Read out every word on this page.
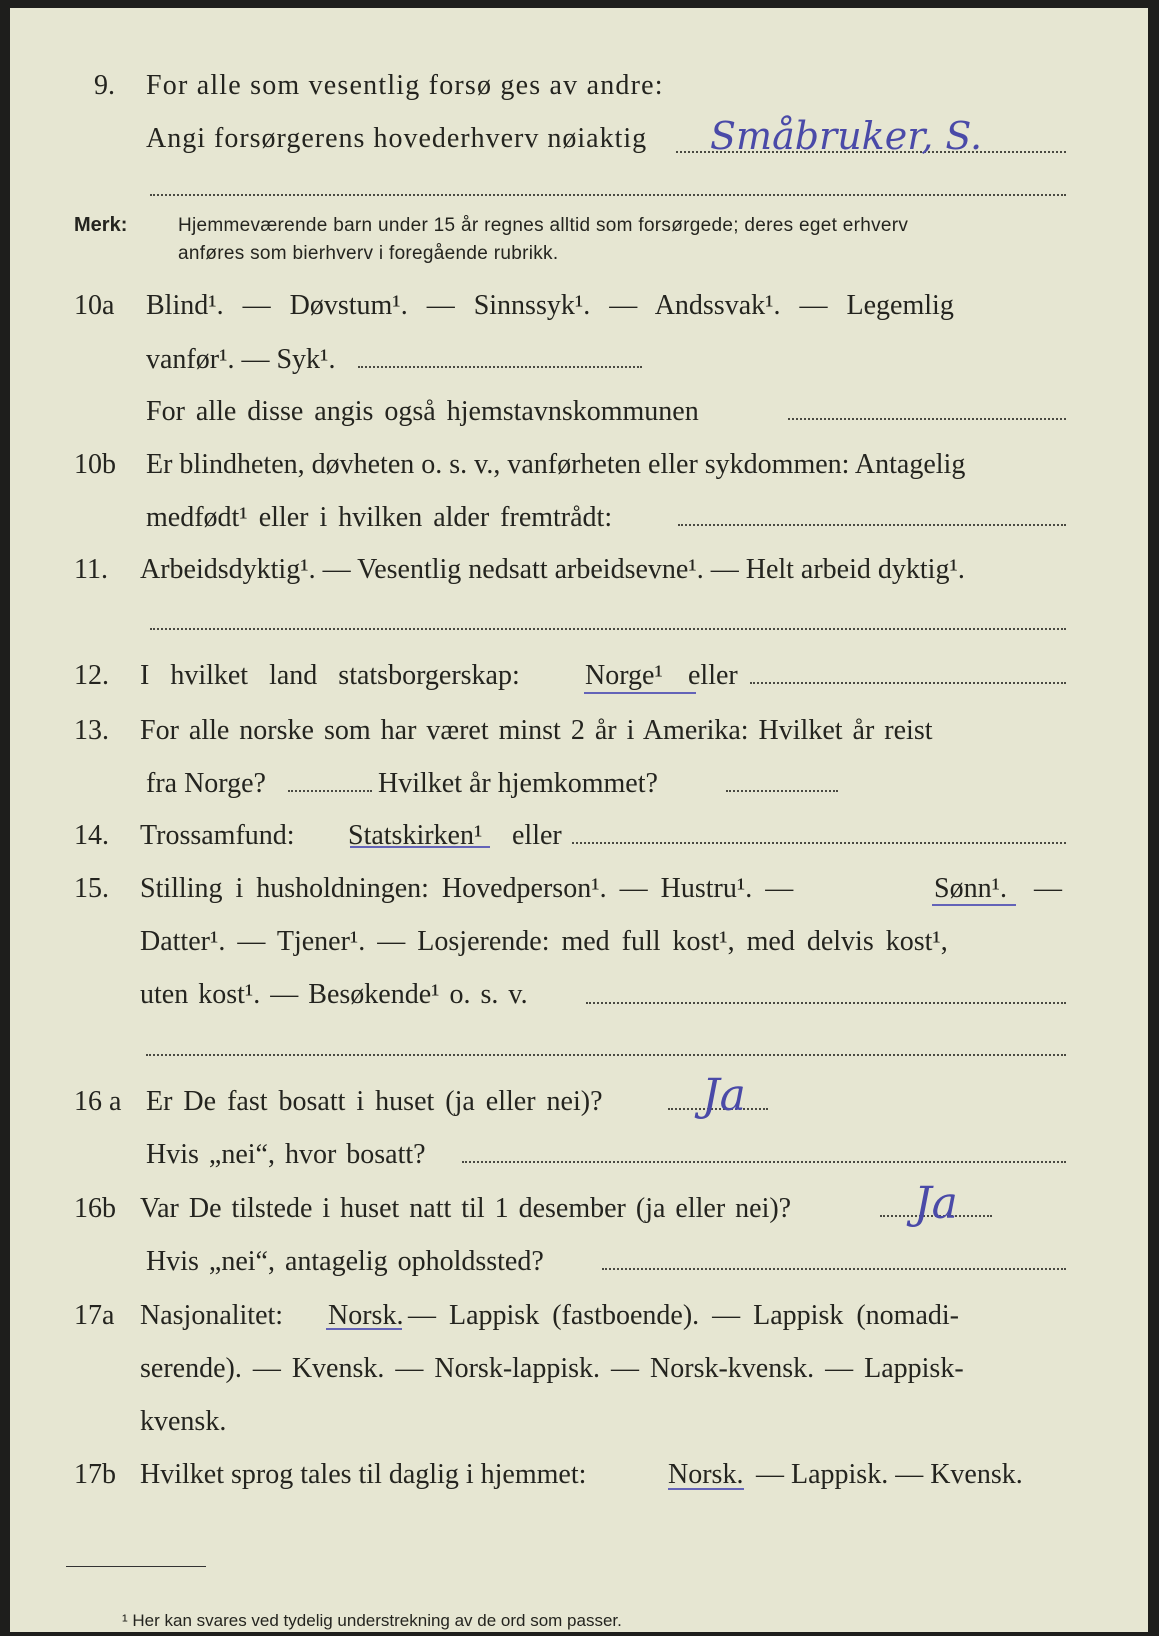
9. For alle som vesentlig forsø ges av andre:
Angi forsørgerens hovederhverv nøiaktig Småbruker, S.
Merk:	Hjemmeværende barn under 15 år regnes alltid som forsørgede; deres eget erhverv
anføres som bierhverv i foregående rubrikk.
10a Blind¹. — Døvstum¹. — Sinnssyk¹. — Andssvak¹. — Legemlig
vanfør¹. — Syk¹.
For alle disse angis også hjemstavnskommunen
10b Er blindheten, døvheten o. s. v., vanførheten eller sykdommen: Antagelig
medfødt¹ eller i hvilken alder fremtrådt:
11. Arbeidsdyktig¹. — Vesentlig nedsatt arbeidsevne¹. — Helt arbeid dyktig¹.
12. I hvilket land statsborgerskap: Norge¹ eller
13. For alle norske som har været minst 2 år i Amerika: Hvilket år reist
fra Norge?	Hvilket år hjemkommet?
14. Trossamfund: Statskirken¹ eller
15. Stilling i husholdningen: Hovedperson¹. — Hustru¹. —	Sønn¹. —
Datter¹. — Tjener¹. — Losjerende: med full kost¹, med delvis kost¹,
uten kost¹. — Besøkende¹ o. s. v.
16 a Er De fast bosatt i huset (ja eller nei)? Ja
Hvis „nei“, hvor bosatt?
16b Var De tilstede i huset natt til 1 desember (ja eller nei)?	Ja
Hvis „nei“, antagelig opholdssted?
17a Nasjonalitet: Norsk. — Lappisk (fastboende). — Lappisk (nomadi-
serende). — Kvensk. — Norsk-lappisk. — Norsk-kvensk. — Lappisk-
kvensk.
17b Hvilket sprog tales til daglig i hjemmet:	Norsk. — Lappisk. — Kvensk.
¹ Her kan svares ved tydelig understrekning av de ord som passer.
